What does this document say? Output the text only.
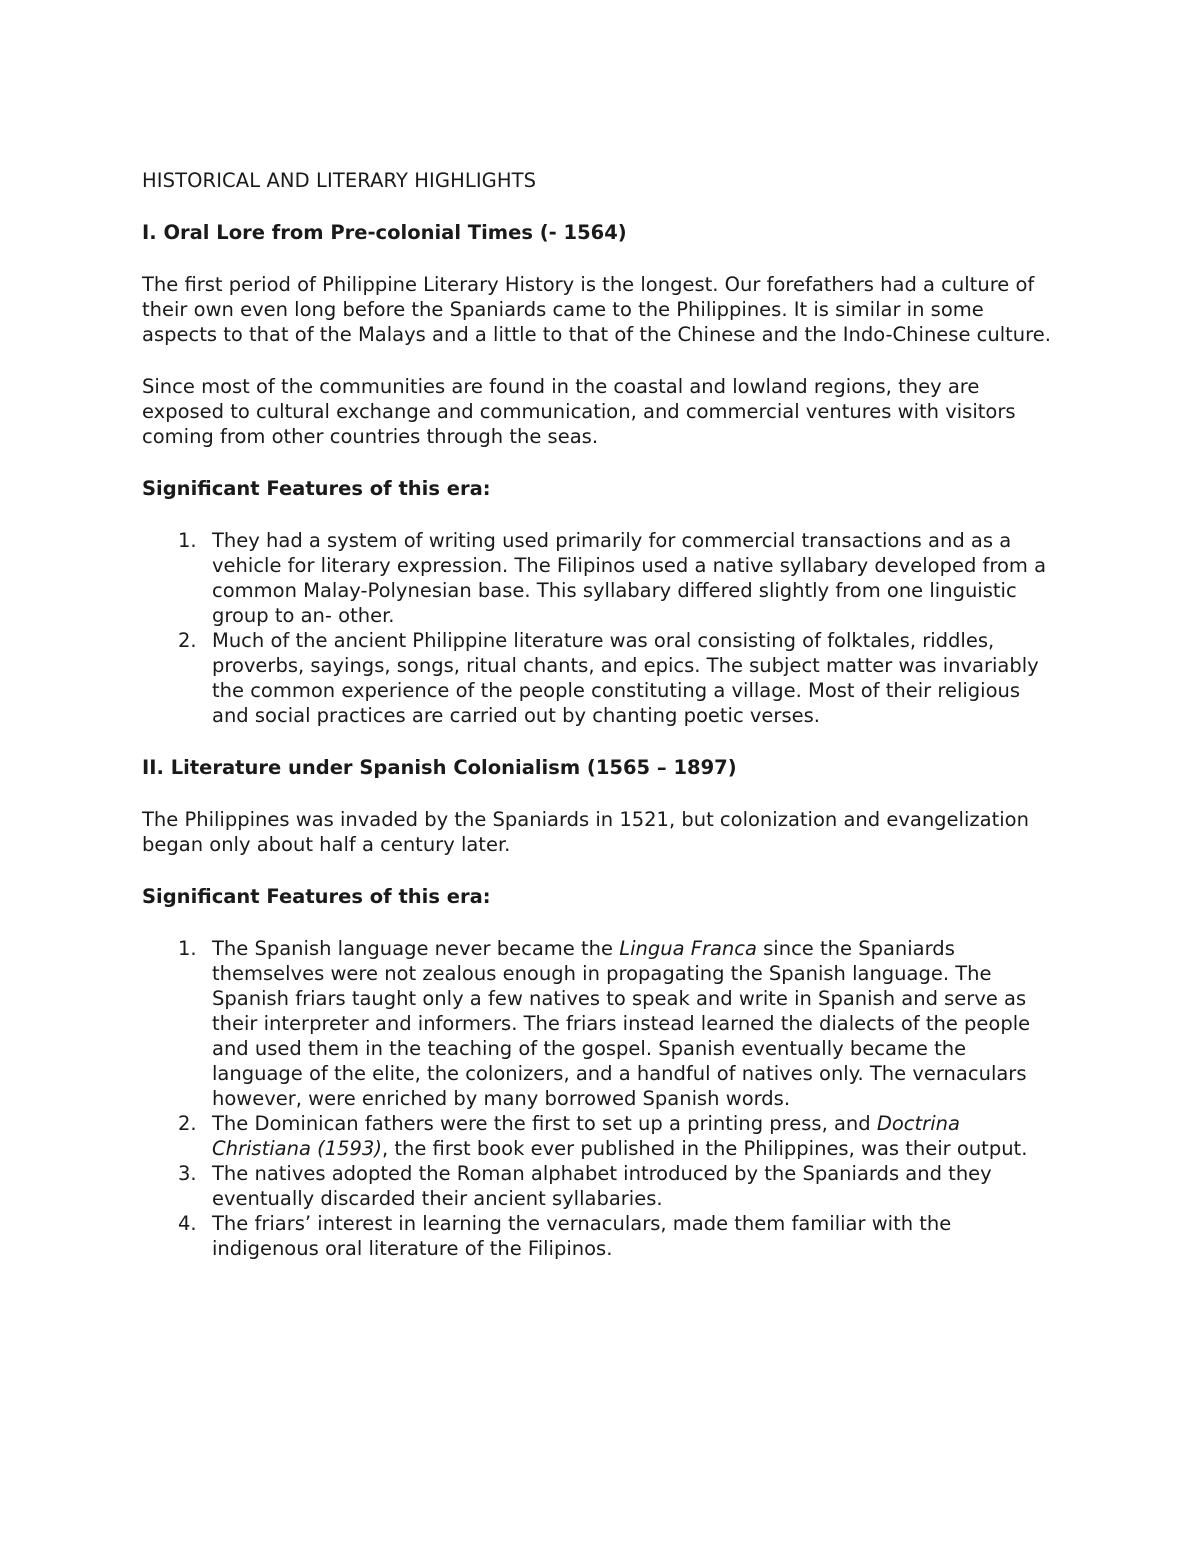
HISTORICAL AND LITERARY HIGHLIGHTS
I. Oral Lore from Pre-colonial Times (- 1564)

The first period of Philippine Literary History is the longest. Our forefathers had a culture of their own even long before the Spaniards came to the Philippines. It is similar in some aspects to that of the Malays and a little to that of the Chinese and the Indo-Chinese culture.

Since most of the communities are found in the coastal and lowland regions, they are exposed to cultural exchange and communication, and commercial ventures with visitors coming from other countries through the seas.

Significant Features of this era:
They had a system of writing used primarily for commercial transactions and as a vehicle for literary expression. The Filipinos used a native syllabary developed from a common Malay-Polynesian base. This syllabary differed slightly from one linguistic group to an- other.
Much of the ancient Philippine literature was oral consisting of folktales, riddles, proverbs, sayings, songs, ritual chants, and epics. The subject matter was invariably the common experience of the people constituting a village. Most of their religious and social practices are carried out by chanting poetic verses.
II. Literature under Spanish Colonialism (1565 – 1897)

The Philippines was invaded by the Spaniards in 1521, but colonization and evangelization began only about half a century later.

Significant Features of this era:
The Spanish language never became the Lingua Franca since the Spaniards themselves were not zealous enough in propagating the Spanish language. The Spanish friars taught only a few natives to speak and write in Spanish and serve as their interpreter and informers. The friars instead learned the dialects of the people and used them in the teaching of the gospel. Spanish eventually became the language of the elite, the colonizers, and a handful of natives only. The vernaculars however, were enriched by many borrowed Spanish words.
The Dominican fathers were the first to set up a printing press, and Doctrina Christiana (1593), the first book ever published in the Philippines, was their output.
The natives adopted the Roman alphabet introduced by the Spaniards and they eventually discarded their ancient syllabaries.
The friars’ interest in learning the vernaculars, made them familiar with the indigenous oral literature of the Filipinos.
